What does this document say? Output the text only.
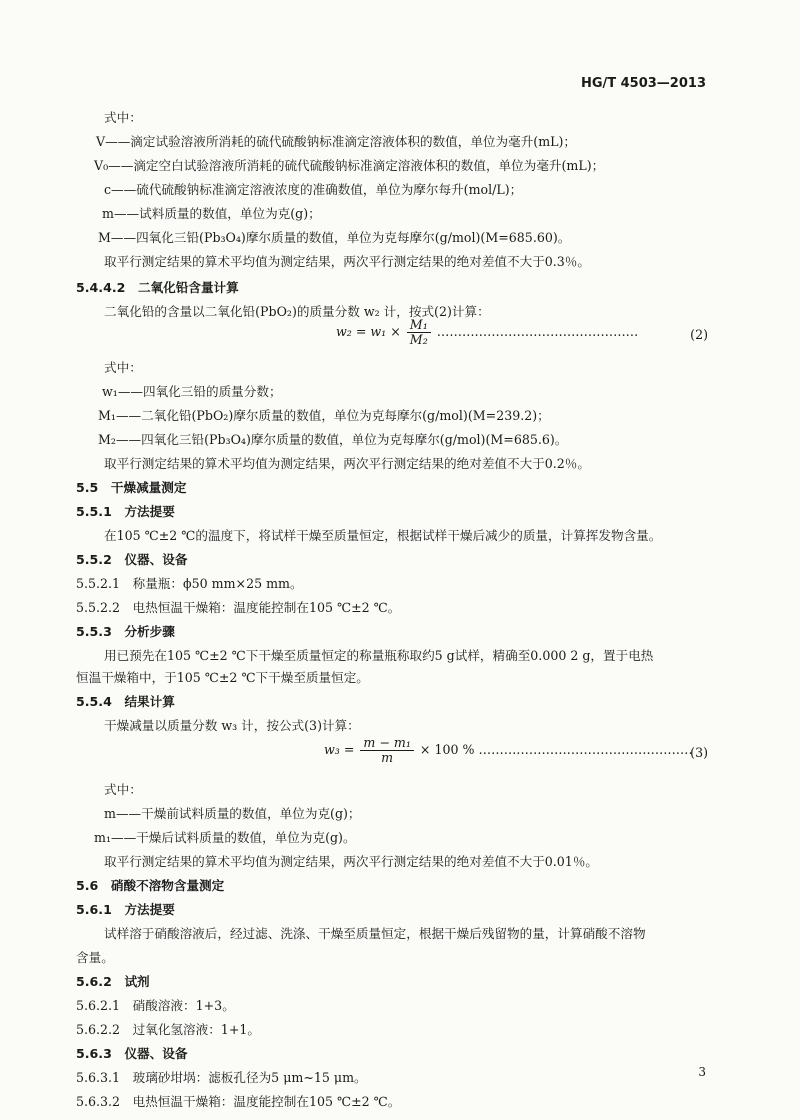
HG/T 4503—2013
式中：
V——滴定试验溶液所消耗的硫代硫酸钠标准滴定溶液体积的数值，单位为毫升(mL)；
V₀——滴定空白试验溶液所消耗的硫代硫酸钠标准滴定溶液体积的数值，单位为毫升(mL)；
c——硫代硫酸钠标准滴定溶液浓度的准确数值，单位为摩尔每升(mol/L)；
m——试料质量的数值，单位为克(g)；
M——四氧化三铅(Pb₃O₄)摩尔质量的数值，单位为克每摩尔(g/mol)(M=685.60)。
取平行测定结果的算术平均值为测定结果，两次平行测定结果的绝对差值不大于0.3％。
5.4.4.2　二氧化铅含量计算
二氧化铅的含量以二氧化铅(PbO₂)的质量分数 w₂ 计，按式(2)计算：
$w_2 = w_1 \times \frac{\text{M₁}}{\text{M₂}}$ …………………………………………	(2)
式中：
w₁——四氧化三铅的质量分数；
M₁——二氧化铅(PbO₂)摩尔质量的数值，单位为克每摩尔(g/mol)(M=239.2)；
M₂——四氧化三铅(Pb₃O₄)摩尔质量的数值，单位为克每摩尔(g/mol)(M=685.6)。
取平行测定结果的算术平均值为测定结果，两次平行测定结果的绝对差值不大于0.2％。
5.5　干燥减量测定
5.5.1　方法提要
在105 ℃±2 ℃的温度下，将试样干燥至质量恒定，根据试样干燥后减少的质量，计算挥发物含量。
5.5.2　仪器、设备
5.5.2.1　称量瓶：ϕ50 mm×25 mm。
5.5.2.2　电热恒温干燥箱：温度能控制在105 ℃±2 ℃。
5.5.3　分析步骤
用已预先在105 ℃±2 ℃下干燥至质量恒定的称量瓶称取约5 g试样，精确至0.000 2 g，置于电热
恒温干燥箱中，于105 ℃±2 ℃下干燥至质量恒定。
5.5.4　结果计算
干燥减量以质量分数 w₃ 计，按公式(3)计算：
$w_3 = \frac{\text{m − m₁}}{m} \times 100$ % ……………………………………………
(3)
式中：
m——干燥前试料质量的数值，单位为克(g)；
m₁——干燥后试料质量的数值，单位为克(g)。
取平行测定结果的算术平均值为测定结果，两次平行测定结果的绝对差值不大于0.01％。
5.6　硝酸不溶物含量测定
5.6.1　方法提要
试样溶于硝酸溶液后，经过滤、洗涤、干燥至质量恒定，根据干燥后残留物的量，计算硝酸不溶物
含量。
5.6.2　试剂
5.6.2.1　硝酸溶液：1+3。
5.6.2.2　过氧化氢溶液：1+1。
5.6.3　仪器、设备
5.6.3.1　玻璃砂坩埚：滤板孔径为5 μm~15 μm。
5.6.3.2　电热恒温干燥箱：温度能控制在105 ℃±2 ℃。
3
